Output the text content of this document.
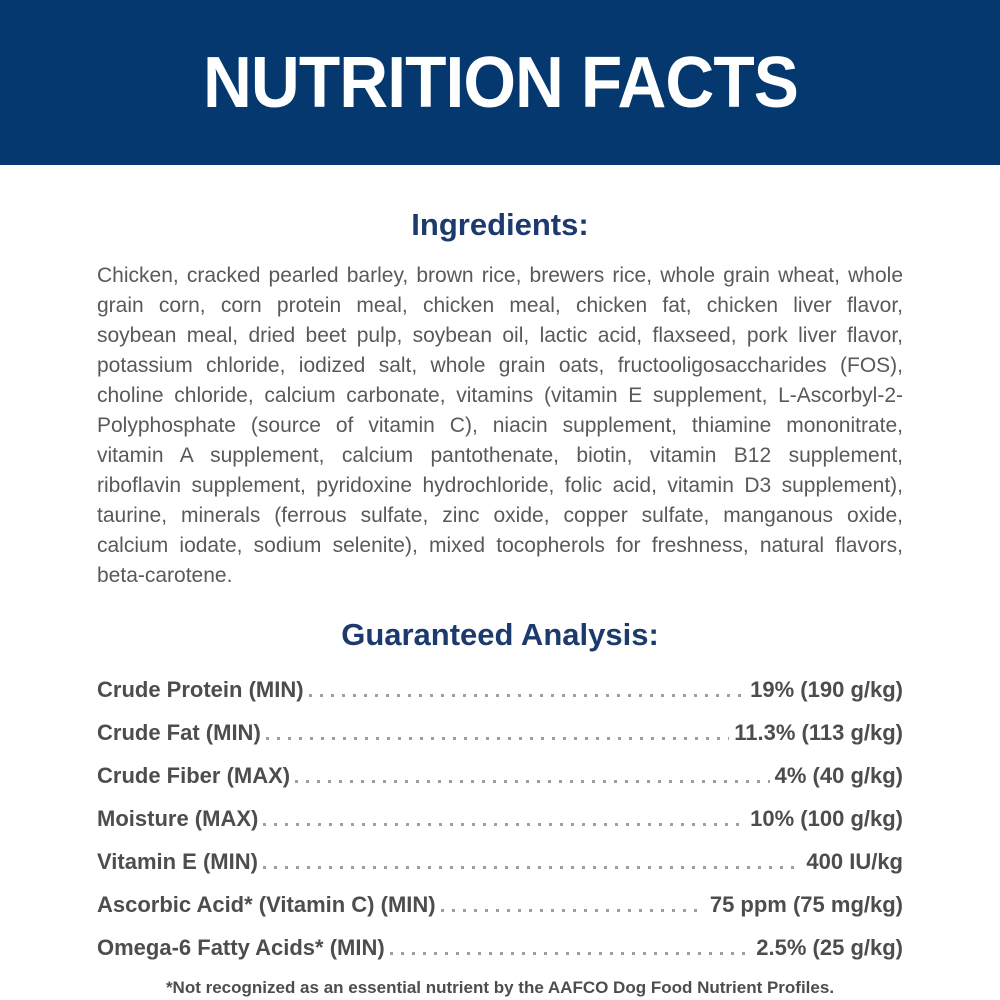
NUTRITION FACTS
Ingredients:

Chicken, cracked pearled barley, brown rice, brewers rice, whole grain wheat, whole grain corn, corn protein meal, chicken meal, chicken fat, chicken liver flavor, soybean meal, dried beet pulp, soybean oil, lactic acid, flaxseed, pork liver flavor, potassium chloride, iodized salt, whole grain oats, fructooligosaccharides (FOS), choline chloride, calcium carbonate, vitamins (vitamin E supplement, L-Ascorbyl-2-Polyphosphate (source of vitamin C), niacin supplement, thiamine mononitrate, vitamin A supplement, calcium pantothenate, biotin, vitamin B12 supplement, riboflavin supplement, pyridoxine hydrochloride, folic acid, vitamin D3 supplement), taurine, minerals (ferrous sulfate, zinc oxide, copper sulfate, manganous oxide, calcium iodate, sodium selenite), mixed tocopherols for freshness, natural flavors, beta-carotene.

Guaranteed Analysis:
Crude Protein (MIN)	19% (190 g/kg)
Crude Fat (MIN)	11.3% (113 g/kg)
Crude Fiber (MAX)	4% (40 g/kg)
Moisture (MAX)	10% (100 g/kg)
Vitamin E (MIN)	400 IU/kg
Ascorbic Acid* (Vitamin C) (MIN)	75 ppm (75 mg/kg)
Omega-6 Fatty Acids* (MIN)	2.5% (25 g/kg)
*Not recognized as an essential nutrient by the AAFCO Dog Food Nutrient Profiles.
